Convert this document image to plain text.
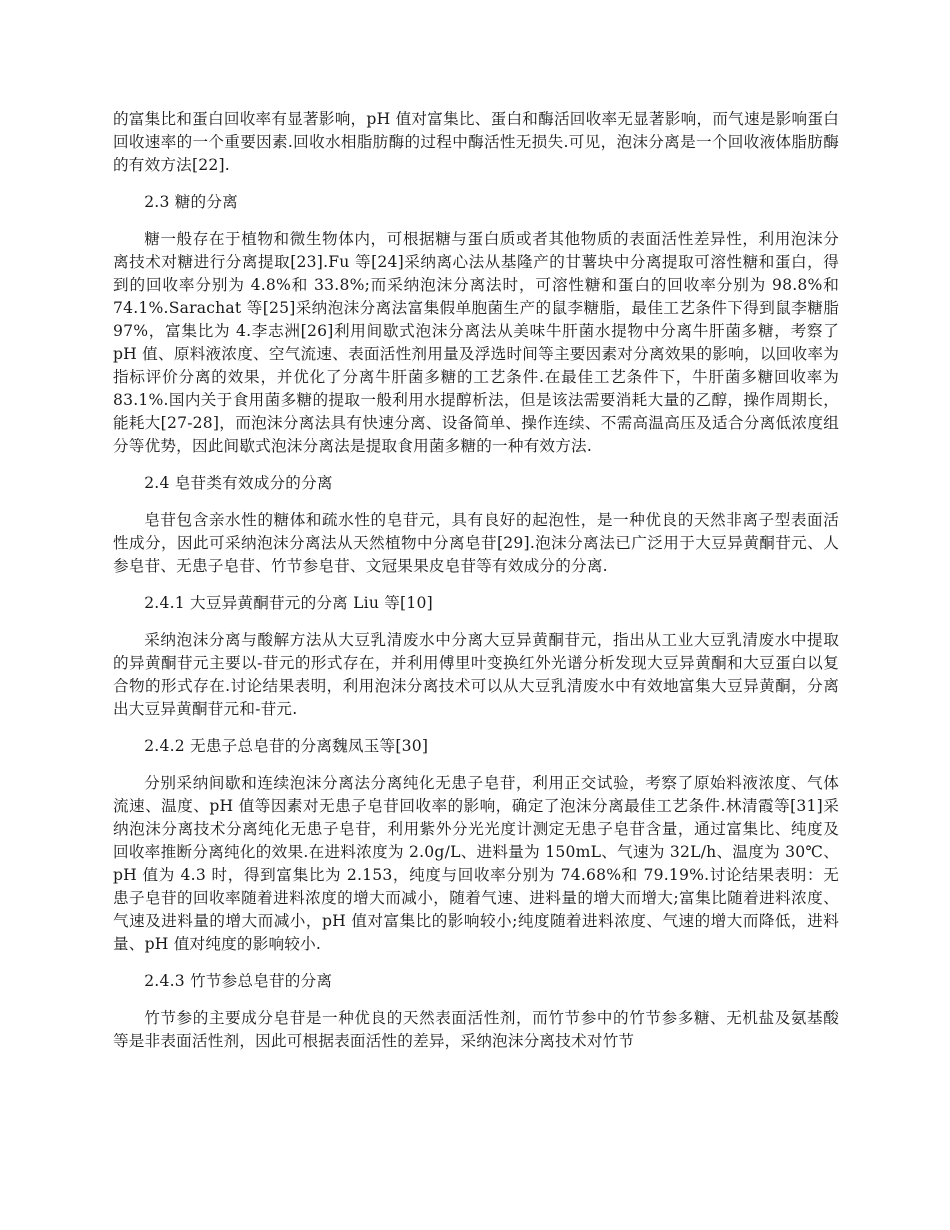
的富集比和蛋白回收率有显著影响，pH 值对富集比、蛋白和酶活回收率无显著影响，而气速是影响蛋白回收速率的一个重要因素.回收水相脂肪酶的过程中酶活性无损失.可见，泡沫分离是一个回收液体脂肪酶的有效方法[22].

2.3 糖的分离

糖一般存在于植物和微生物体内，可根据糖与蛋白质或者其他物质的表面活性差异性，利用泡沫分离技术对糖进行分离提取[23].Fu 等[24]采纳离心法从基隆产的甘薯块中分离提取可溶性糖和蛋白，得到的回收率分别为 4.8%和 33.8%;而采纳泡沫分离法时，可溶性糖和蛋白的回收率分别为 98.8%和 74.1%.Sarachat 等[25]采纳泡沫分离法富集假单胞菌生产的鼠李糖脂，最佳工艺条件下得到鼠李糖脂 97%，富集比为 4.李志洲[26]利用间歇式泡沫分离法从美味牛肝菌水提物中分离牛肝菌多糖，考察了 pH 值、原料液浓度、空气流速、表面活性剂用量及浮选时间等主要因素对分离效果的影响，以回收率为指标评价分离的效果，并优化了分离牛肝菌多糖的工艺条件.在最佳工艺条件下，牛肝菌多糖回收率为 83.1%.国内关于食用菌多糖的提取一般利用水提醇析法，但是该法需要消耗大量的乙醇，操作周期长，能耗大[27-28]，而泡沫分离法具有快速分离、设备简单、操作连续、不需高温高压及适合分离低浓度组分等优势，因此间歇式泡沫分离法是提取食用菌多糖的一种有效方法.

2.4 皂苷类有效成分的分离

皂苷包含亲水性的糖体和疏水性的皂苷元，具有良好的起泡性，是一种优良的天然非离子型表面活性成分，因此可采纳泡沫分离法从天然植物中分离皂苷[29].泡沫分离法已广泛用于大豆异黄酮苷元、人参皂苷、无患子皂苷、竹节参皂苷、文冠果果皮皂苷等有效成分的分离.

2.4.1 大豆异黄酮苷元的分离 Liu 等[10]

采纳泡沫分离与酸解方法从大豆乳清废水中分离大豆异黄酮苷元，指出从工业大豆乳清废水中提取的异黄酮苷元主要以-苷元的形式存在，并利用傅里叶变换红外光谱分析发现大豆异黄酮和大豆蛋白以复合物的形式存在.讨论结果表明，利用泡沫分离技术可以从大豆乳清废水中有效地富集大豆异黄酮，分离出大豆异黄酮苷元和-苷元.

2.4.2 无患子总皂苷的分离魏凤玉等[30]

分别采纳间歇和连续泡沫分离法分离纯化无患子皂苷，利用正交试验，考察了原始料液浓度、气体流速、温度、pH 值等因素对无患子皂苷回收率的影响，确定了泡沫分离最佳工艺条件.林清霞等[31]采纳泡沫分离技术分离纯化无患子皂苷，利用紫外分光光度计测定无患子皂苷含量，通过富集比、纯度及回收率推断分离纯化的效果.在进料浓度为 2.0g/L、进料量为 150mL、气速为 32L/h、温度为 30℃、pH 值为 4.3 时，得到富集比为 2.153，纯度与回收率分别为 74.68%和 79.19%.讨论结果表明：无患子皂苷的回收率随着进料浓度的增大而减小，随着气速、进料量的增大而增大;富集比随着进料浓度、气速及进料量的增大而减小，pH 值对富集比的影响较小;纯度随着进料浓度、气速的增大而降低，进料量、pH 值对纯度的影响较小.

2.4.3 竹节参总皂苷的分离

竹节参的主要成分皂苷是一种优良的天然表面活性剂，而竹节参中的竹节参多糖、无机盐及氨基酸等是非表面活性剂，因此可根据表面活性的差异，采纳泡沫分离技术对竹节
